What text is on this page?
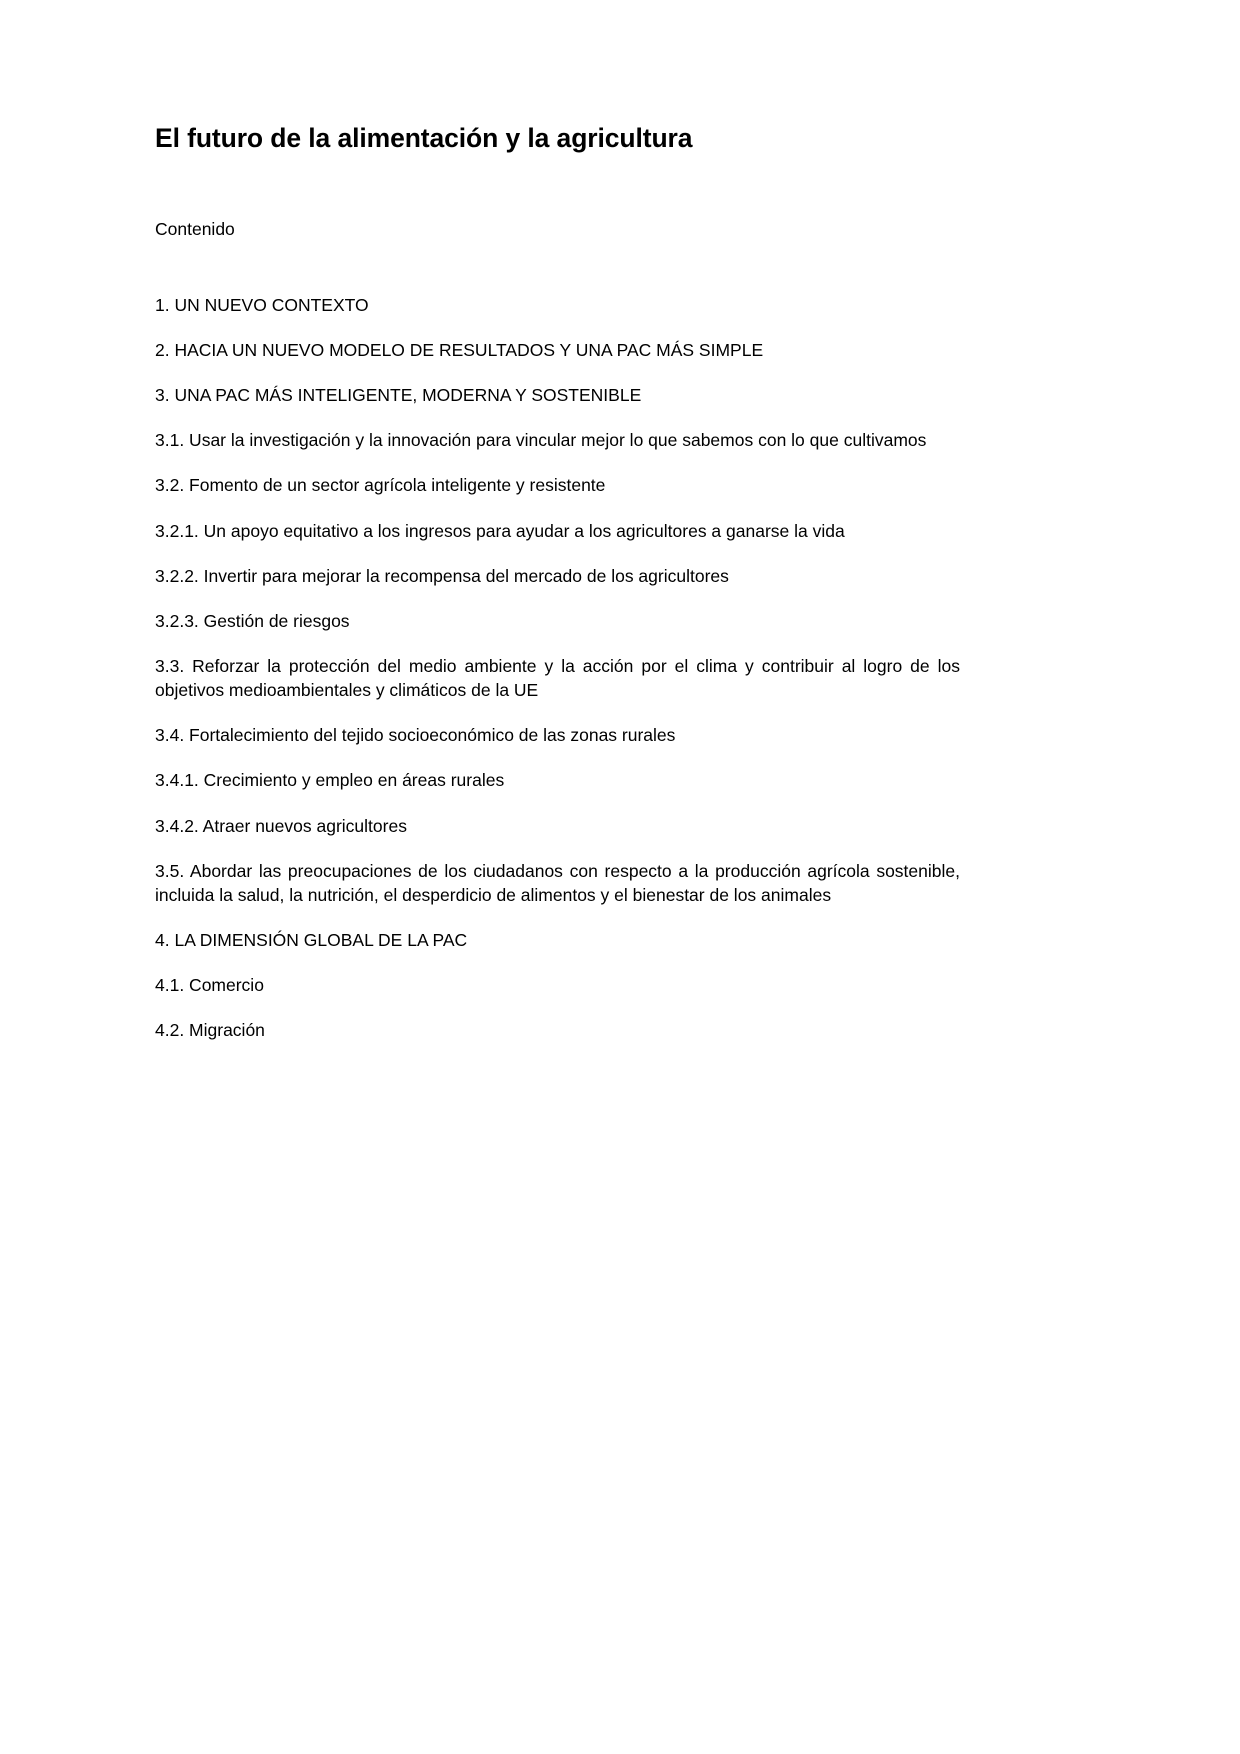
El futuro de la alimentación y la agricultura

Contenido

1. UN NUEVO CONTEXTO
2. HACIA UN NUEVO MODELO DE RESULTADOS Y UNA PAC MÁS SIMPLE
3. UNA PAC MÁS INTELIGENTE, MODERNA Y SOSTENIBLE
3.1. Usar la investigación y la innovación para vincular mejor lo que sabemos con lo que cultivamos
3.2. Fomento de un sector agrícola inteligente y resistente
3.2.1. Un apoyo equitativo a los ingresos para ayudar a los agricultores a ganarse la vida
3.2.2. Invertir para mejorar la recompensa del mercado de los agricultores
3.2.3. Gestión de riesgos
3.3. Reforzar la protección del medio ambiente y la acción por el clima y contribuir al logro de los objetivos medioambientales y climáticos de la UE
3.4. Fortalecimiento del tejido socioeconómico de las zonas rurales
3.4.1. Crecimiento y empleo en áreas rurales
3.4.2. Atraer nuevos agricultores
3.5. Abordar las preocupaciones de los ciudadanos con respecto a la producción agrícola sostenible, incluida la salud, la nutrición, el desperdicio de alimentos y el bienestar de los animales
4. LA DIMENSIÓN GLOBAL DE LA PAC
4.1. Comercio
4.2. Migración
